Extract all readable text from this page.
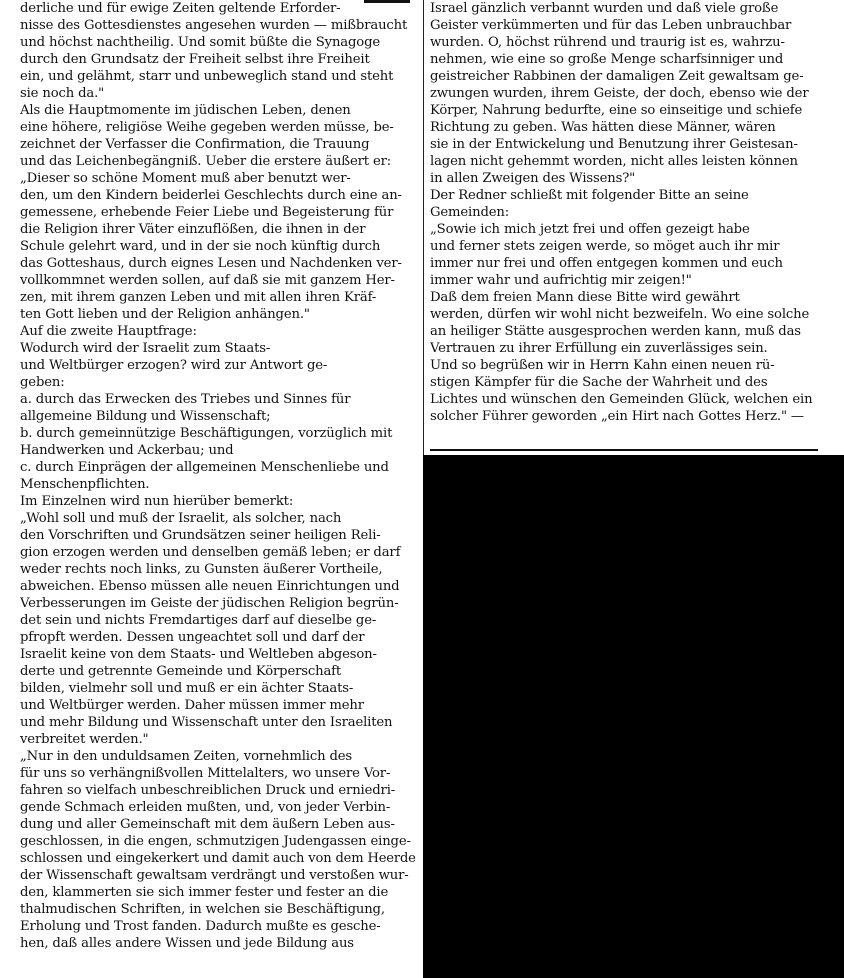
derliche und für ewige Zeiten geltende Erforder-
nisse des Gottesdienstes angesehen wurden — mißbraucht
und höchst nachtheilig. Und somit büßte die Synagoge
durch den Grundsatz der Freiheit selbst ihre Freiheit
ein, und gelähmt, starr und unbeweglich stand und steht
sie noch da."
Als die Hauptmomente im jüdischen Leben, denen
eine höhere, religiöse Weihe gegeben werden müsse, be-
zeichnet der Verfasser die Confirmation, die Trauung
und das Leichenbegängniß. Ueber die erstere äußert er:
„Dieser so schöne Moment muß aber benutzt wer-
den, um den Kindern beiderlei Geschlechts durch eine an-
gemessene, erhebende Feier Liebe und Begeisterung für
die Religion ihrer Väter einzuflößen, die ihnen in der
Schule gelehrt ward, und in der sie noch künftig durch
das Gotteshaus, durch eignes Lesen und Nachdenken ver-
vollkommnet werden sollen, auf daß sie mit ganzem Her-
zen, mit ihrem ganzen Leben und mit allen ihren Kräf-
ten Gott lieben und der Religion anhängen."
Auf die zweite Hauptfrage:
Wodurch wird der Israelit zum Staats-
und Weltbürger erzogen? wird zur Antwort ge-
geben:
a. durch das Erwecken des Triebes und Sinnes für
allgemeine Bildung und Wissenschaft;
b. durch gemeinnützige Beschäftigungen, vorzüglich mit
Handwerken und Ackerbau; und
c. durch Einprägen der allgemeinen Menschenliebe und
Menschenpflichten.
Im Einzelnen wird nun hierüber bemerkt:
„Wohl soll und muß der Israelit, als solcher, nach
den Vorschriften und Grundsätzen seiner heiligen Reli-
gion erzogen werden und denselben gemäß leben; er darf
weder rechts noch links, zu Gunsten äußerer Vortheile,
abweichen. Ebenso müssen alle neuen Einrichtungen und
Verbesserungen im Geiste der jüdischen Religion begrün-
det sein und nichts Fremdartiges darf auf dieselbe ge-
pfropft werden. Dessen ungeachtet soll und darf der
Israelit keine von dem Staats- und Weltleben abgeson-
derte und getrennte Gemeinde und Körperschaft
bilden, vielmehr soll und muß er ein ächter Staats-
und Weltbürger werden. Daher müssen immer mehr
und mehr Bildung und Wissenschaft unter den Israeliten
verbreitet werden."
„Nur in den unduldsamen Zeiten, vornehmlich des
für uns so verhängnißvollen Mittelalters, wo unsere Vor-
fahren so vielfach unbeschreiblichen Druck und erniedri-
gende Schmach erleiden mußten, und, von jeder Verbin-
dung und aller Gemeinschaft mit dem äußern Leben aus-
geschlossen, in die engen, schmutzigen Judengassen einge-
schlossen und eingekerkert und damit auch von dem Heerde
der Wissenschaft gewaltsam verdrängt und verstoßen wur-
den, klammerten sie sich immer fester und fester an die
thalmudischen Schriften, in welchen sie Beschäftigung,
Erholung und Trost fanden. Dadurch mußte es gesche-
hen, daß alles andere Wissen und jede Bildung aus
Israel gänzlich verbannt wurden und daß viele große
Geister verkümmerten und für das Leben unbrauchbar
wurden. O, höchst rührend und traurig ist es, wahrzu-
nehmen, wie eine so große Menge scharfsinniger und
geistreicher Rabbinen der damaligen Zeit gewaltsam ge-
zwungen wurden, ihrem Geiste, der doch, ebenso wie der
Körper, Nahrung bedurfte, eine so einseitige und schiefe
Richtung zu geben. Was hätten diese Männer, wären
sie in der Entwickelung und Benutzung ihrer Geistesan-
lagen nicht gehemmt worden, nicht alles leisten können
in allen Zweigen des Wissens?"
Der Redner schließt mit folgender Bitte an seine
Gemeinden:
„Sowie ich mich jetzt frei und offen gezeigt habe
und ferner stets zeigen werde, so möget auch ihr mir
immer nur frei und offen entgegen kommen und euch
immer wahr und aufrichtig mir zeigen!"
Daß dem freien Mann diese Bitte wird gewährt
werden, dürfen wir wohl nicht bezweifeln. Wo eine solche
an heiliger Stätte ausgesprochen werden kann, muß das
Vertrauen zu ihrer Erfüllung ein zuverlässiges sein.
Und so begrüßen wir in Herrn Kahn einen neuen rü-
stigen Kämpfer für die Sache der Wahrheit und des
Lichtes und wünschen den Gemeinden Glück, welchen ein
solcher Führer geworden „ein Hirt nach Gottes Herz." —
